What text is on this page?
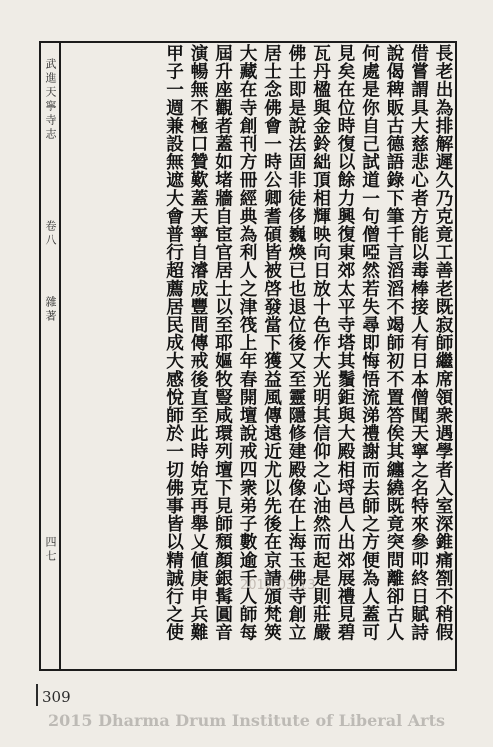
武進天寧寺志
卷八
雜著
四七	長老出為排解遲久乃克竟工善老既寂師繼席領衆遇學者入室深錐痛劄不稍假
借嘗謂具大慈悲心者方能以毒棒接人有日本僧聞天寧之名特來參叩終日賦詩
說偈稗販古德語錄下筆千言滔滔不竭師初不置答俟其纏繞既竟突問離卻古人
何處是你自己試道一句僧啞然若失尋即悔悟流涕禮謝而去師之方便為人蓋可
見矣在位時復以餘力興復東郊太平寺塔其鬚鉅與大殿相埒邑人出郊展禮見碧
瓦丹楹與金鈴絀頂相輝映向日放十色作大光明其信仰之心油然而起是則莊嚴
佛土即是說法固非徒侈巍煥已也退位後又至靈隱修建殿像在上海玉佛寺創立
居士念佛會一時公卿耆碩皆被啓發當下獲益風傳遠近尤以先後在京請頒梵筴
大藏在寺創刊方冊經典為利人之津筏上年春開壇說戒四衆弟子數逾千人師每
屆升座觀者蓋如堵牆自宦官居士以至耶嫗牧豎咸環列壇下見師頹顏銀髯圓音
演暢無不極口贊歎蓋天寧自濬成豐間傳戒後直至此時始克再舉乂値庚申兵難
甲子一週兼設無遮大會普行超薦居民成大感悅師於一切佛事皆以精誠行之使	2012-03-13
309
2015 Dharma Drum Institute of Liberal Arts
